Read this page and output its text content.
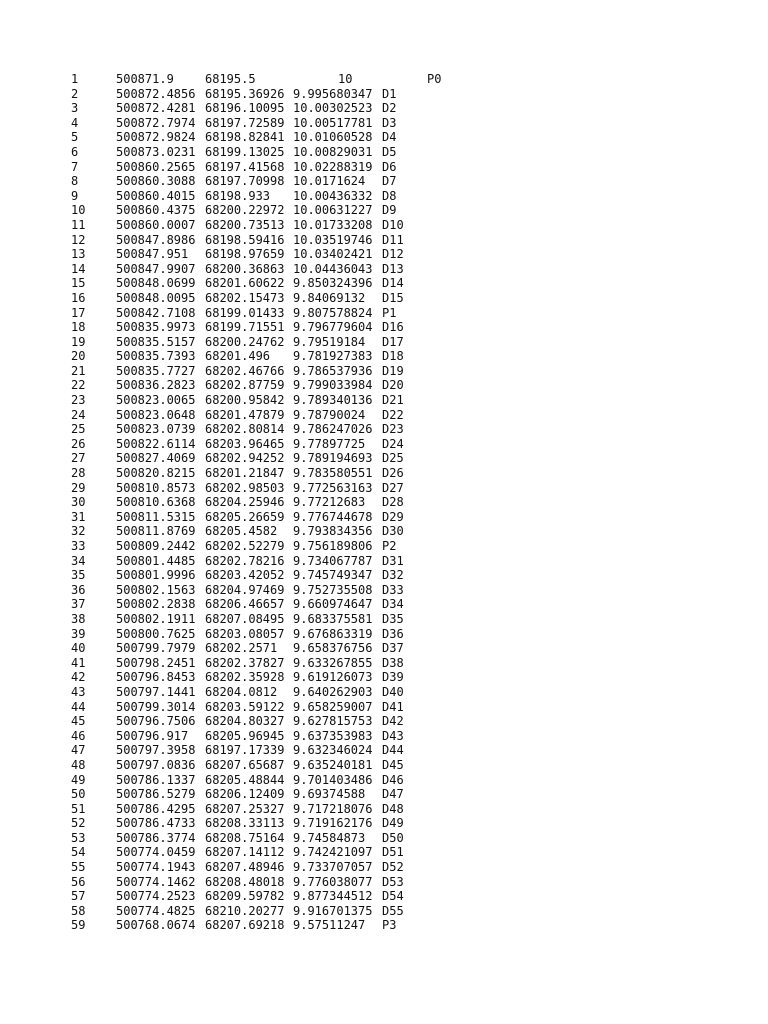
1	500871.9	68195.5	10	P0
2	500872.4856 68195.36926 9.995680347 D1
3	500872.4281 68196.10095 10.00302523 D2
4	500872.7974 68197.72589 10.00517781 D3
5	500872.9824 68198.82841 10.01060528 D4
6	500873.0231 68199.13025 10.00829031 D5
7	500860.2565 68197.41568 10.02288319 D6
8	500860.3088 68197.70998 10.0171624 D7
9	500860.4015 68198.933 10.00436332 D8
10	500860.4375 68200.22972 10.00631227 D9
11	500860.0007 68200.73513 10.01733208 D10
12	500847.8986 68198.59416 10.03519746 D11
13	500847.951 68198.97659 10.03402421 D12
14	500847.9907 68200.36863 10.04436043 D13
15	500848.0699 68201.60622 9.850324396 D14
16	500848.0095 68202.15473 9.84069132 D15
17	500842.7108 68199.01433 9.807578824 P1
18	500835.9973 68199.71551 9.796779604 D16
19	500835.5157 68200.24762 9.79519184 D17
20	500835.7393 68201.496 9.781927383 D18
21	500835.7727 68202.46766 9.786537936 D19
22	500836.2823 68202.87759 9.799033984 D20
23	500823.0065 68200.95842 9.789340136 D21
24	500823.0648 68201.47879 9.78790024 D22
25	500823.0739 68202.80814 9.786247026 D23
26	500822.6114 68203.96465 9.77897725 D24
27	500827.4069 68202.94252 9.789194693 D25
28	500820.8215 68201.21847 9.783580551 D26
29	500810.8573 68202.98503 9.772563163 D27
30	500810.6368 68204.25946 9.77212683 D28
31	500811.5315 68205.26659 9.776744678 D29
32	500811.8769 68205.4582 9.793834356 D30
33	500809.2442 68202.52279 9.756189806 P2
34	500801.4485 68202.78216 9.734067787 D31
35	500801.9996 68203.42052 9.745749347 D32
36	500802.1563 68204.97469 9.752735508 D33
37	500802.2838 68206.46657 9.660974647 D34
38	500802.1911 68207.08495 9.683375581 D35
39	500800.7625 68203.08057 9.676863319 D36
40	500799.7979 68202.2571 9.658376756 D37
41	500798.2451 68202.37827 9.633267855 D38
42	500796.8453 68202.35928 9.619126073 D39
43	500797.1441 68204.0812 9.640262903 D40
44	500799.3014 68203.59122 9.658259007 D41
45	500796.7506 68204.80327 9.627815753 D42
46	500796.917 68205.96945 9.637353983 D43
47	500797.3958 68197.17339 9.632346024 D44
48	500797.0836 68207.65687 9.635240181 D45
49	500786.1337 68205.48844 9.701403486 D46
50	500786.5279 68206.12409 9.69374588 D47
51	500786.4295 68207.25327 9.717218076 D48
52	500786.4733 68208.33113 9.719162176 D49
53	500786.3774 68208.75164 9.74584873 D50
54	500774.0459 68207.14112 9.742421097 D51
55	500774.1943 68207.48946 9.733707057 D52
56	500774.1462 68208.48018 9.776038077 D53
57	500774.2523 68209.59782 9.877344512 D54
58	500774.4825 68210.20277 9.916701375 D55
59	500768.0674 68207.69218 9.57511247 P3
